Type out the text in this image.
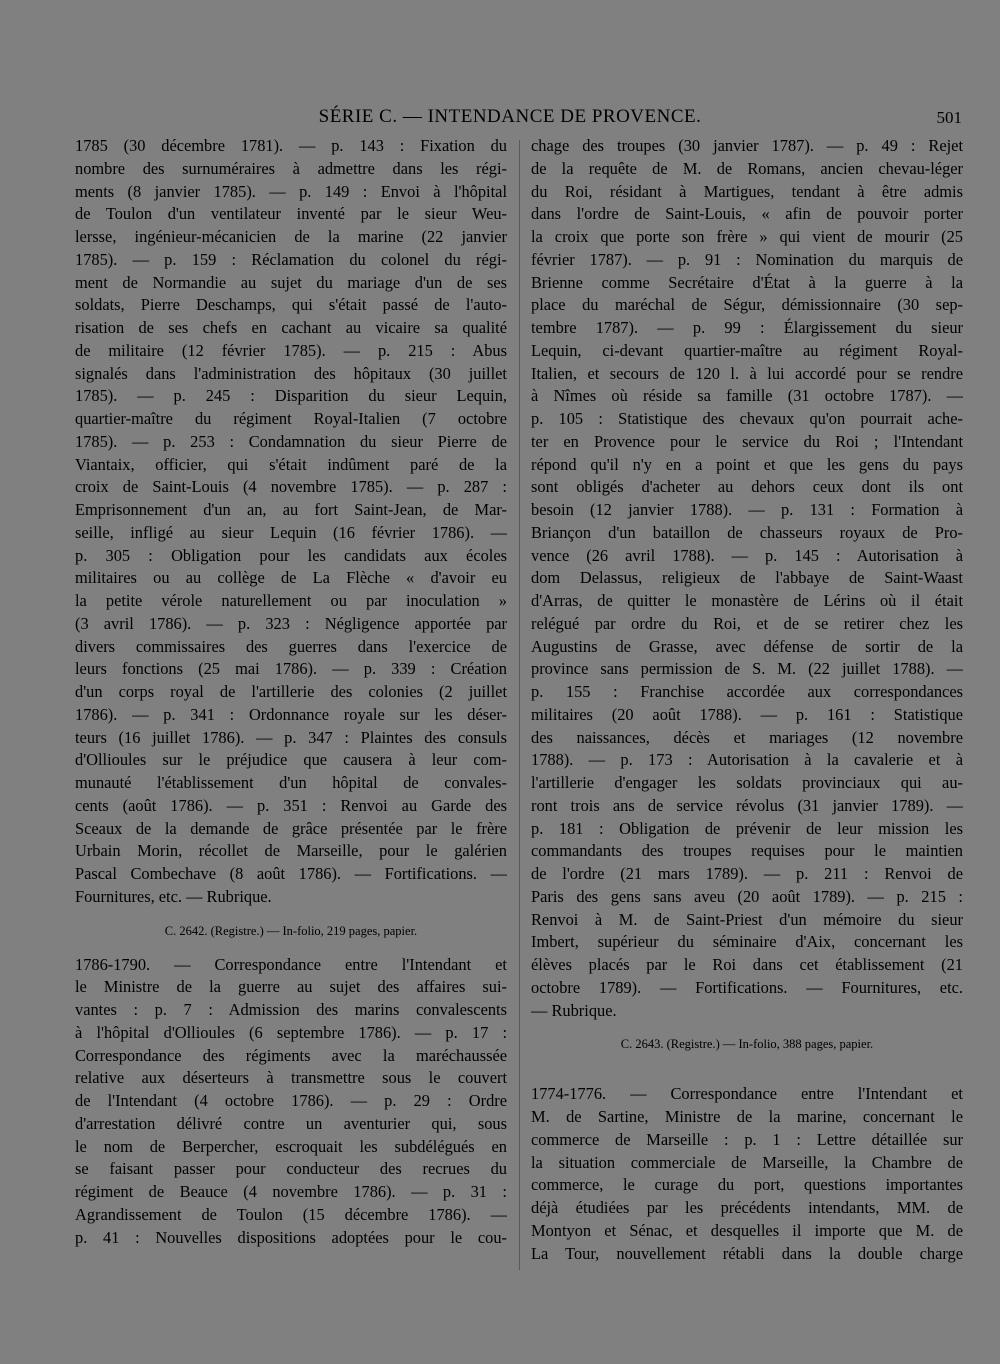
SÉRIE C. — INTENDANCE DE PROVENCE.	501
1785 (30 décembre 1781). — p. 143 : Fixation du
nombre des surnuméraires à admettre dans les régi-
ments (8 janvier 1785). — p. 149 : Envoi à l'hôpital
de Toulon d'un ventilateur inventé par le sieur Weu-
lersse, ingénieur-mécanicien de la marine (22 janvier
1785). — p. 159 : Réclamation du colonel du régi-
ment de Normandie au sujet du mariage d'un de ses
soldats, Pierre Deschamps, qui s'était passé de l'auto-
risation de ses chefs en cachant au vicaire sa qualité
de militaire (12 février 1785). — p. 215 : Abus
signalés dans l'administration des hôpitaux (30 juillet
1785). — p. 245 : Disparition du sieur Lequin,
quartier-maître du régiment Royal-Italien (7 octobre
1785). — p. 253 : Condamnation du sieur Pierre de
Viantaix, officier, qui s'était indûment paré de la
croix de Saint-Louis (4 novembre 1785). — p. 287 :
Emprisonnement d'un an, au fort Saint-Jean, de Mar-
seille, infligé au sieur Lequin (16 février 1786). —
p. 305 : Obligation pour les candidats aux écoles
militaires ou au collège de La Flèche « d'avoir eu
la petite vérole naturellement ou par inoculation »
(3 avril 1786). — p. 323 : Négligence apportée par
divers commissaires des guerres dans l'exercice de
leurs fonctions (25 mai 1786). — p. 339 : Création
d'un corps royal de l'artillerie des colonies (2 juillet
1786). — p. 341 : Ordonnance royale sur les déser-
teurs (16 juillet 1786). — p. 347 : Plaintes des consuls
d'Ollioules sur le préjudice que causera à leur com-
munauté l'établissement d'un hôpital de convales-
cents (août 1786). — p. 351 : Renvoi au Garde des
Sceaux de la demande de grâce présentée par le frère
Urbain Morin, récollet de Marseille, pour le galérien
Pascal Combechave (8 août 1786). — Fortifications. —
Fournitures, etc. — Rubrique.
C. 2642. (Registre.) — In-folio, 219 pages, papier.
1786-1790. — Correspondance entre l'Intendant et
le Ministre de la guerre au sujet des affaires sui-
vantes : p. 7 : Admission des marins convalescents
à l'hôpital d'Ollioules (6 septembre 1786). — p. 17 :
Correspondance des régiments avec la maréchaussée
relative aux déserteurs à transmettre sous le couvert
de l'Intendant (4 octobre 1786). — p. 29 : Ordre
d'arrestation délivré contre un aventurier qui, sous
le nom de Berpercher, escroquait les subdélégués en
se faisant passer pour conducteur des recrues du
régiment de Beauce (4 novembre 1786). — p. 31 :
Agrandissement de Toulon (15 décembre 1786). —
p. 41 : Nouvelles dispositions adoptées pour le cou-
chage des troupes (30 janvier 1787). — p. 49 : Rejet
de la requête de M. de Romans, ancien chevau-léger
du Roi, résidant à Martigues, tendant à être admis
dans l'ordre de Saint-Louis, « afin de pouvoir porter
la croix que porte son frère » qui vient de mourir (25
février 1787). — p. 91 : Nomination du marquis de
Brienne comme Secrétaire d'État à la guerre à la
place du maréchal de Ségur, démissionnaire (30 sep-
tembre 1787). — p. 99 : Élargissement du sieur
Lequin, ci-devant quartier-maître au régiment Royal-
Italien, et secours de 120 l. à lui accordé pour se rendre
à Nîmes où réside sa famille (31 octobre 1787). —
p. 105 : Statistique des chevaux qu'on pourrait ache-
ter en Provence pour le service du Roi ; l'Intendant
répond qu'il n'y en a point et que les gens du pays
sont obligés d'acheter au dehors ceux dont ils ont
besoin (12 janvier 1788). — p. 131 : Formation à
Briançon d'un bataillon de chasseurs royaux de Pro-
vence (26 avril 1788). — p. 145 : Autorisation à
dom Delassus, religieux de l'abbaye de Saint-Waast
d'Arras, de quitter le monastère de Lérins où il était
relégué par ordre du Roi, et de se retirer chez les
Augustins de Grasse, avec défense de sortir de la
province sans permission de S. M. (22 juillet 1788). —
p. 155 : Franchise accordée aux correspondances
militaires (20 août 1788). — p. 161 : Statistique
des naissances, décès et mariages (12 novembre
1788). — p. 173 : Autorisation à la cavalerie et à
l'artillerie d'engager les soldats provinciaux qui au-
ront trois ans de service révolus (31 janvier 1789). —
p. 181 : Obligation de prévenir de leur mission les
commandants des troupes requises pour le maintien
de l'ordre (21 mars 1789). — p. 211 : Renvoi de
Paris des gens sans aveu (20 août 1789). — p. 215 :
Renvoi à M. de Saint-Priest d'un mémoire du sieur
Imbert, supérieur du séminaire d'Aix, concernant les
élèves placés par le Roi dans cet établissement (21
octobre 1789). — Fortifications. — Fournitures, etc.
— Rubrique.
C. 2643. (Registre.) — In-folio, 388 pages, papier.
1774-1776. — Correspondance entre l'Intendant et
M. de Sartine, Ministre de la marine, concernant le
commerce de Marseille : p. 1 : Lettre détaillée sur
la situation commerciale de Marseille, la Chambre de
commerce, le curage du port, questions importantes
déjà étudiées par les précédents intendants, MM. de
Montyon et Sénac, et desquelles il importe que M. de
La Tour, nouvellement rétabli dans la double charge
